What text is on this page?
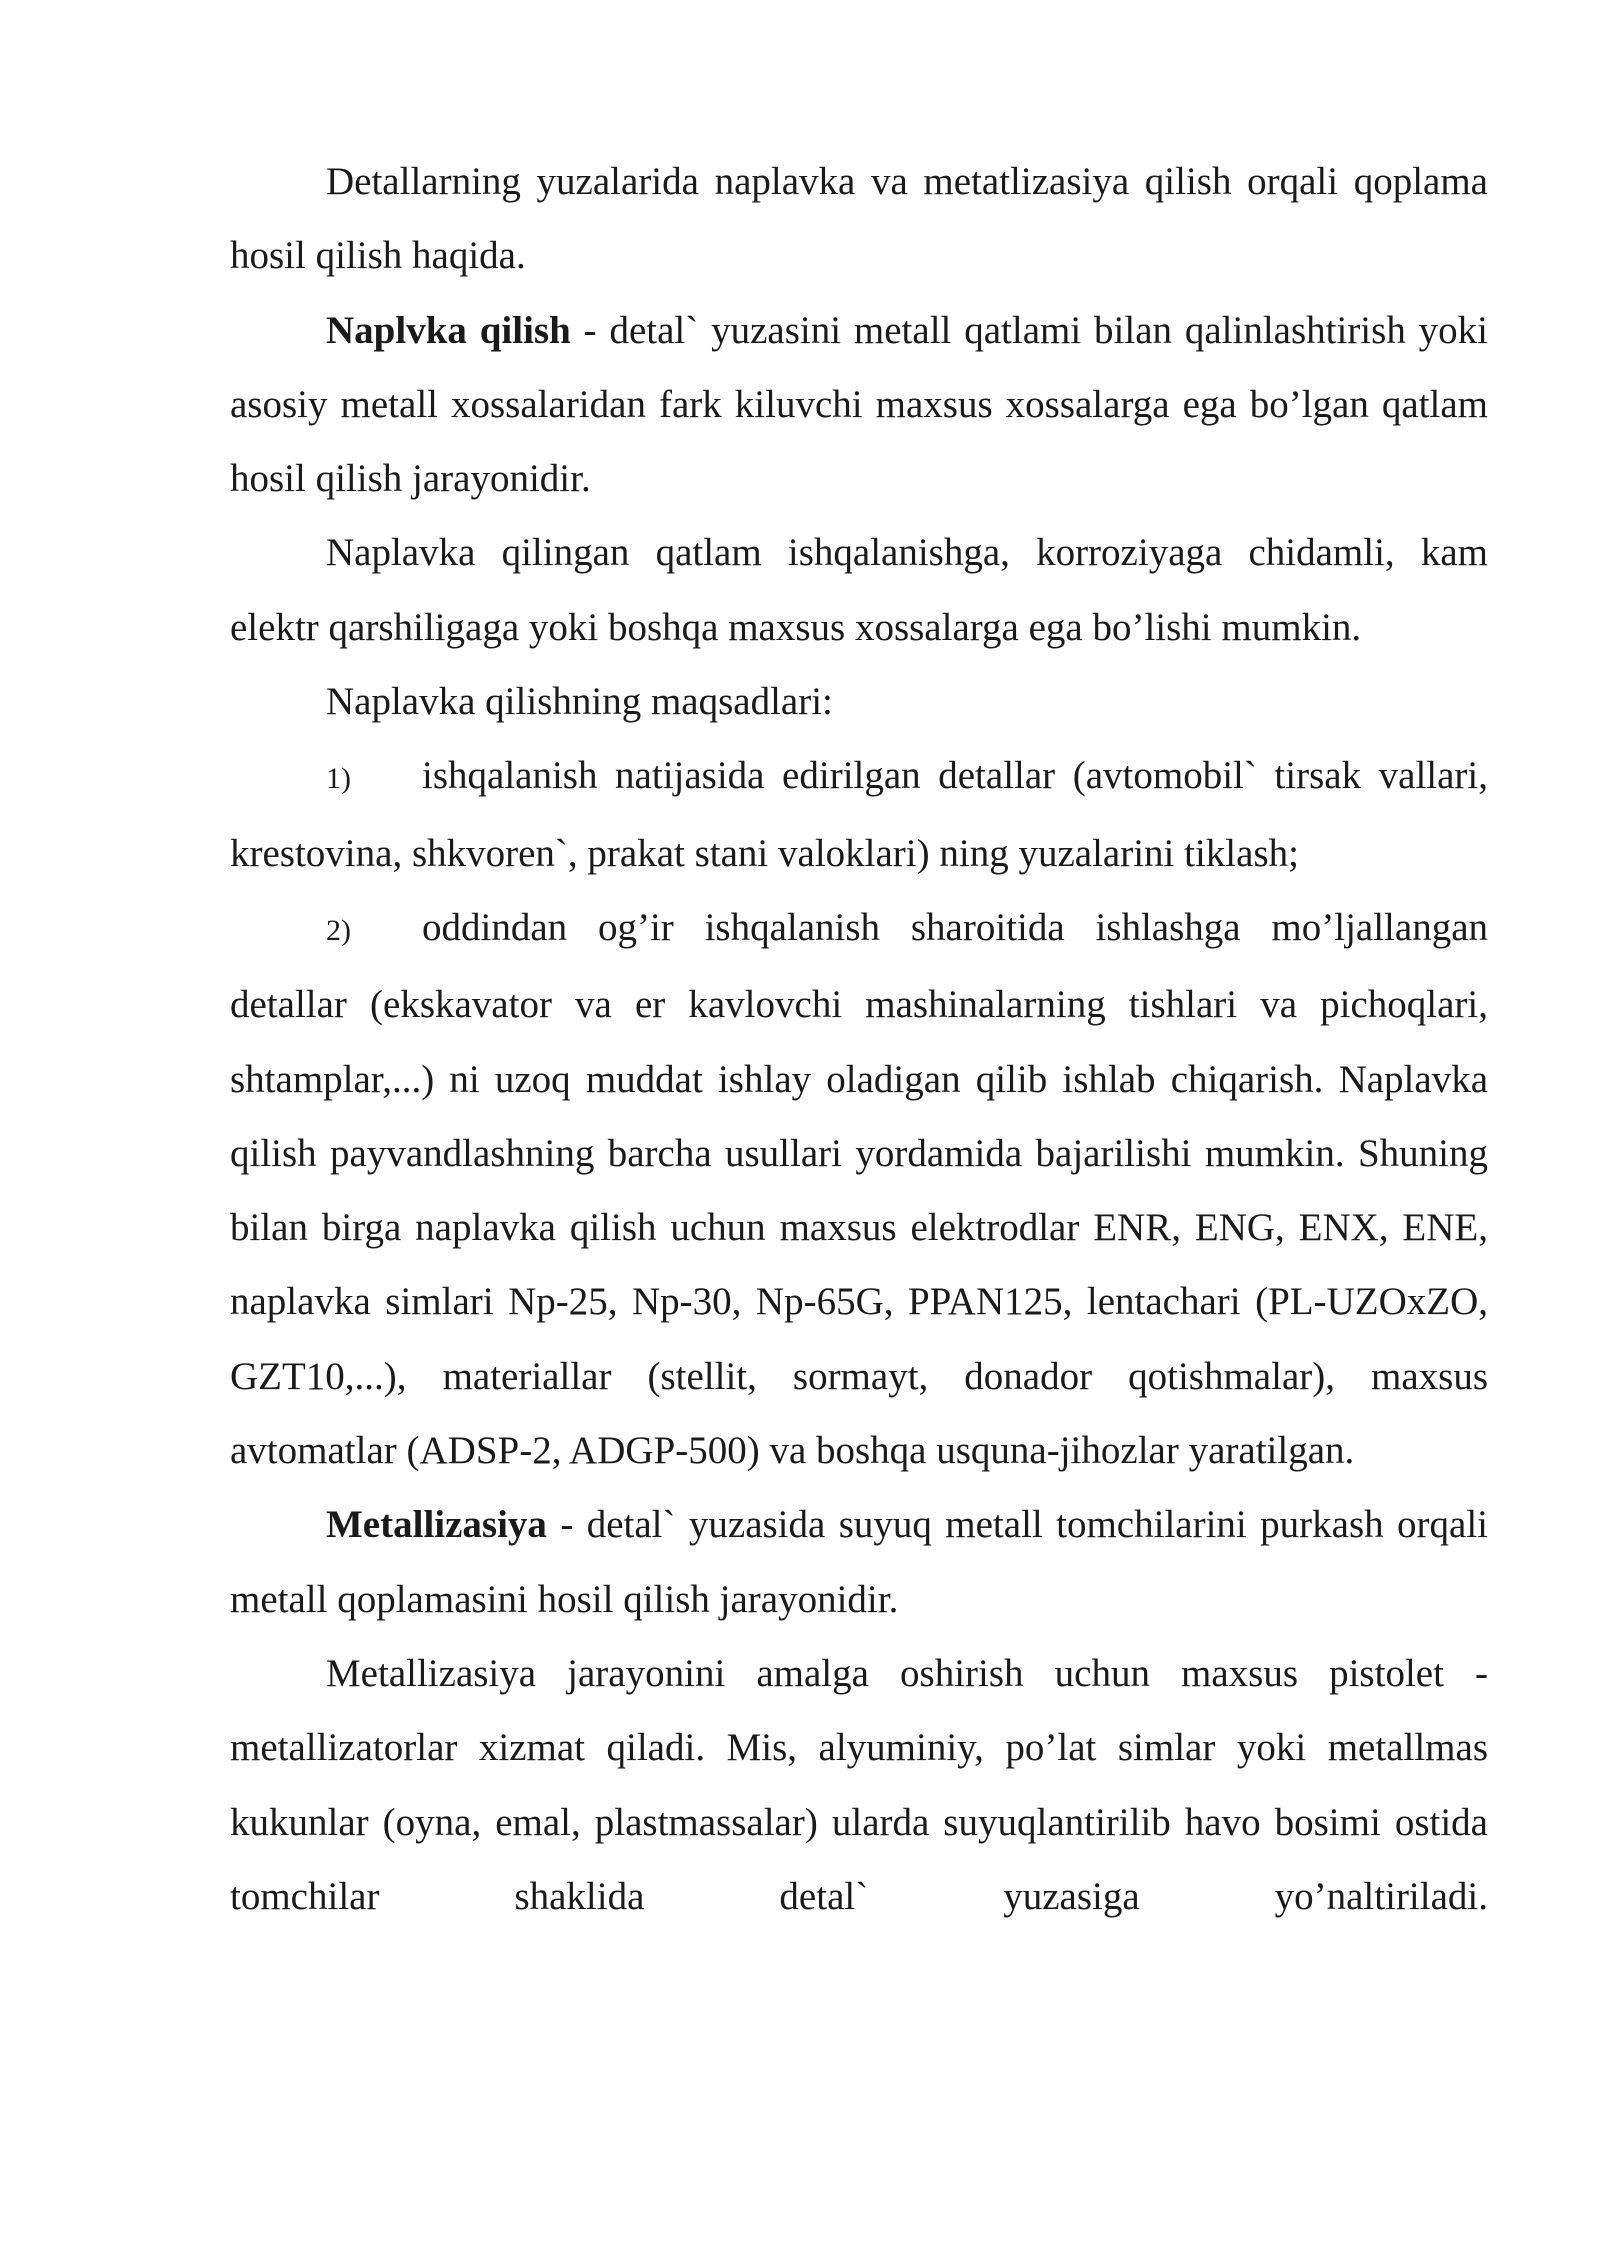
Detallarning yuzalarida naplavka va metatlizasiya qilish orqali qoplama hosil qilish haqida.

Naplvka qilish - detal` yuzasini metall qatlami bilan qalinlashtirish yoki asosiy metall xossalaridan fark kiluvchi maxsus xossalarga ega bo’lgan qatlam hosil qilish jarayonidir.

Naplavka qilingan qatlam ishqalanishga, korroziyaga chidamli, kam elektr qarshiligaga yoki boshqa maxsus xossalarga ega bo’lishi mumkin.

Naplavka qilishning maqsadlari:

1) ishqalanish natijasida edirilgan detallar (avtomobil` tirsak vallari, krestovina, shkvoren`, prakat stani valoklari) ning yuzalarini tiklash;

2) oddindan og’ir ishqalanish sharoitida ishlashga mo’ljallangan detallar (ekskavator va er kavlovchi mashinalarning tishlari va pichoqlari, shtamplar,...) ni uzoq muddat ishlay oladigan qilib ishlab chiqarish. Naplavka qilish payvandlashning barcha usullari yordamida bajarilishi mumkin. Shuning bilan birga naplavka qilish uchun maxsus elektrodlar ENR, ENG, ENX, ENE, naplavka simlari Np-25, Np-30, Np-65G, PPAN125, lentachari (PL-UZOxZO, GZT10,...), materiallar (stellit, sormayt, donador qotishmalar), maxsus avtomatlar (ADSP-2, ADGP-500) va boshqa usquna-jihozlar yaratilgan.

Metallizasiya - detal` yuzasida suyuq metall tomchilarini purkash orqali metall qoplamasini hosil qilish jarayonidir.

Metallizasiya jarayonini amalga oshirish uchun maxsus pistolet - metallizatorlar xizmat qiladi. Mis, alyuminiy, po’lat simlar yoki metallmas kukunlar (oyna, emal, plastmassalar) ularda suyuqlantirilib havo bosimi ostida tomchilar shaklida detal` yuzasiga yo’naltiriladi.
